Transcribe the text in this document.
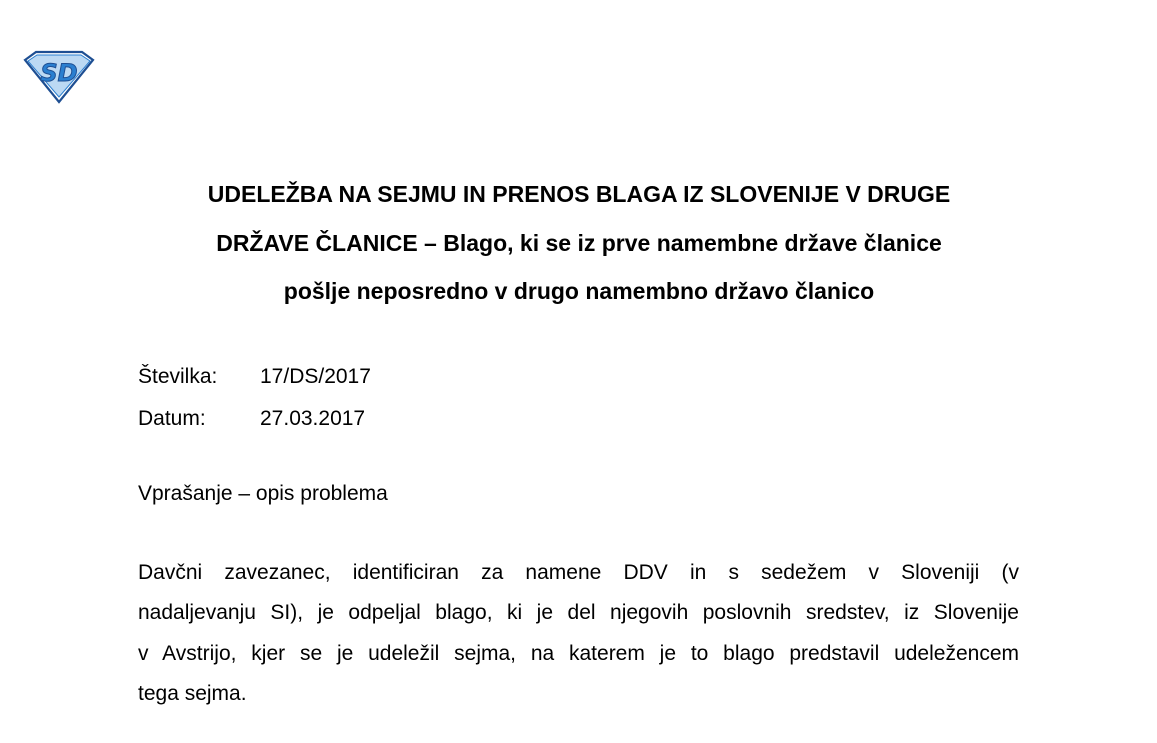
SD
UDELEŽBA NA SEJMU IN PRENOS BLAGA IZ SLOVENIJE V DRUGE
DRŽAVE ČLANICE – Blago, ki se iz prve namembne države članice
pošlje neposredno v drugo namembno državo članico
Številka:	17/DS/2017
Datum:	27.03.2017
Vprašanje – opis problema

Davčni zavezanec, identificiran za namene DDV in s sedežem v Sloveniji (v
nadaljevanju SI), je odpeljal blago, ki je del njegovih poslovnih sredstev, iz Slovenije
v Avstrijo, kjer se je udeležil sejma, na katerem je to blago predstavil udeležencem
tega sejma.
